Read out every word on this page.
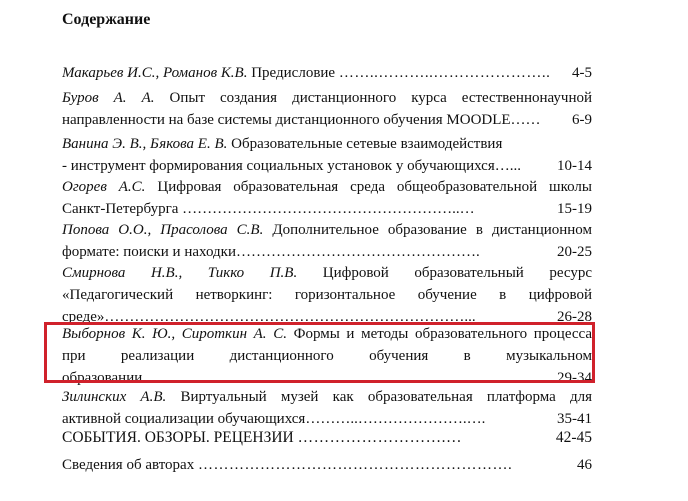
Содержание
Макарьев И.С., Романов К.В. Предисловие ……..………..…………………..	4-5
Буров А. А. Опыт создания дистанционного курса естественнонаучной
направленности на базе системы дистанционного обучения MOODLE……	6-9
Ванина Э. В., Бякова Е. В. Образовательные сетевые взаимодействия
- инструмент формирования социальных установок у обучающихся…...	10-14
Огорев А.С. Цифровая образовательная среда общеобразовательной школы
Санкт-Петербурга ………………………………………………..…	15-19
Попова О.О., Прасолова С.В. Дополнительное образование в дистанционном
формате: поиски и находки………………………………………….	20-25
Смирнова Н.В., Тикко П.В. Цифровой образовательный ресурс
«Педагогический нетворкинг: горизонтальное обучение в цифровой
среде»………………………………………………………………...	26-28
Выборнов К. Ю., Сироткин А. С. Формы и методы образовательного процесса
при реализации дистанционного обучения в музыкальном
образовании…………………………………………..……………...	29-34
Зилинских А.В. Виртуальный музей как образовательная платформа для
активной социализации обучающихся………..………………….….	35-41
СОБЫТИЯ. ОБЗОРЫ. РЕЦЕНЗИИ ……………………….…	42-45
Сведения об авторах …………………………………………………….	46
